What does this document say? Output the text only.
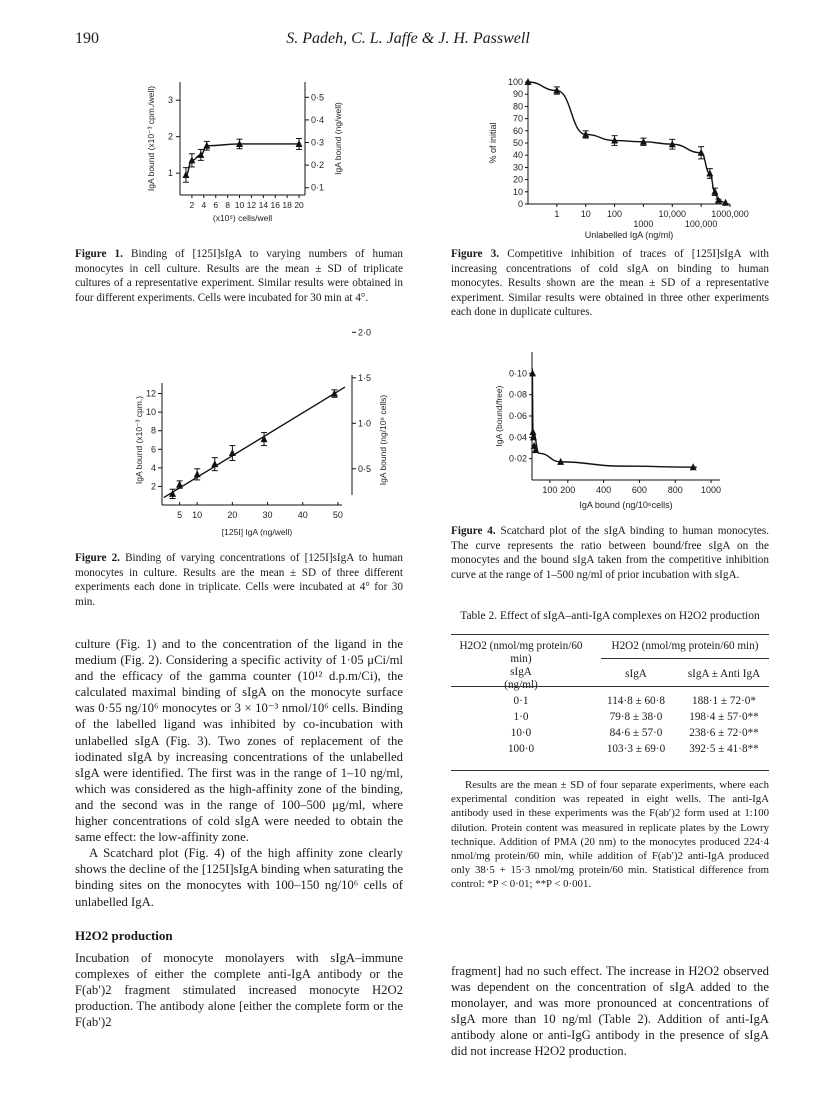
190	S. Padeh, C. L. Jaffe & J. H. Passwell
1
2
3
0·1
0·2
0·3
0·4
0·5
2 4 6 8 10 12 14 16 18 20
(x10⁵) cells/well
IgA bound (x10⁻³ cpm./well)	IgA bound (ng/well)
Figure 1. Binding of [125I]sIgA to varying numbers of human monocytes in cell culture. Results are the mean ± SD of triplicate cultures of a representative experiment. Similar results were obtained in four different experiments. Cells were incubated for 30 min at 4°.
0
10
20
30
40
50
60
70
80
90
100
1 10 100	10,000	1000,000
1000	100,000
Unlabelled IgA (ng/ml)
% of initial
Figure 3. Competitive inhibition of traces of [125I]sIgA with increasing concentrations of cold sIgA on binding to human monocytes. Results shown are the mean ± SD of a representative experiment. Similar results were obtained in three other experiments each done in duplicate cultures.
2
4
6
8
10
12
0·5
1·0
1·5
2·0
5 10	20	30	40	50
[125I] IgA (ng/well)
IgA bound (x10⁻³ cpm.)	IgA bound (ng/10⁶ cells)
Figure 2. Binding of varying concentrations of [125I]sIgA to human monocytes in culture. Results are the mean ± SD of three different experiments each done in triplicate. Cells were incubated at 4° for 30 min.
0·02
0·04
0·06
0·08
0·10
100 200 400 600 800 1000
IgA bound (ng/10⁶cells)
IgA (bound/free)
Figure 4. Scatchard plot of the sIgA binding to human monocytes. The curve represents the ratio between bound/free sIgA on the monocytes and the bound sIgA taken from the competitive inhibition curve at the range of 1–500 ng/ml of prior incubation with sIgA.
Table 2. Effect of sIgA–anti-IgA complexes on H2O2 production
H2O2 (nmol/mg protein/60 min)
sIgA
(ng/ml)
H2O2 (nmol/mg protein/60 min)
sIgA	sIgA ± Anti IgA
0·1	114·8 ± 60·8	188·1 ± 72·0*
1·0	79·8 ± 38·0	198·4 ± 57·0**
10·0	84·6 ± 57·0	238·6 ± 72·0**
100·0	103·3 ± 69·0	392·5 ± 41·8**
Results are the mean ± SD of four separate experiments, where each experimental condition was repeated in eight wells. The anti-IgA antibody used in these experiments was the F(ab′)2 form used at 1:100 dilution. Protein content was measured in replicate plates by the Lowry technique. Addition of PMA (20 nm) to the monocytes produced 224·4 nmol/mg protein/60 min, while addition of F(ab′)2 anti-IgA produced only 38·5 + 15·3 nmol/mg protein/60 min. Statistical difference from control: *P < 0·01; **P < 0·001.

culture (Fig. 1) and to the concentration of the ligand in the medium (Fig. 2). Considering a specific activity of 1·05 μCi/ml and the efficacy of the gamma counter (10¹² d.p.m/Ci), the calculated maximal binding of sIgA on the monocyte surface was 0·55 ng/10⁶ monocytes or 3 × 10⁻³ nmol/10⁶ cells. Binding of the labelled ligand was inhibited by co-incubation with unlabelled sIgA (Fig. 3). Two zones of replacement of the iodinated sIgA by increasing concentrations of the unlabelled sIgA were identified. The first was in the range of 1–10 ng/ml, which was considered as the high-affinity zone of the binding, and the second was in the range of 100–500 μg/ml, where higher concentrations of cold sIgA were needed to obtain the same effect: the low-affinity zone.

A Scatchard plot (Fig. 4) of the high affinity zone clearly shows the decline of the [125I]sIgA binding when saturating the binding sites on the monocytes with 100–150 ng/10⁶ cells of unlabelled IgA.

H2O2 production

Incubation of monocyte monolayers with sIgA–immune complexes of either the complete anti-IgA antibody or the F(ab′)2 fragment stimulated increased monocyte H2O2 production. The antibody alone [either the complete form or the F(ab′)2

fragment] had no such effect. The increase in H2O2 observed was dependent on the concentration of sIgA added to the monolayer, and was more pronounced at concentrations of sIgA more than 10 ng/ml (Table 2). Addition of anti-IgA antibody alone or anti-IgG antibody in the presence of sIgA did not increase H2O2 production.
